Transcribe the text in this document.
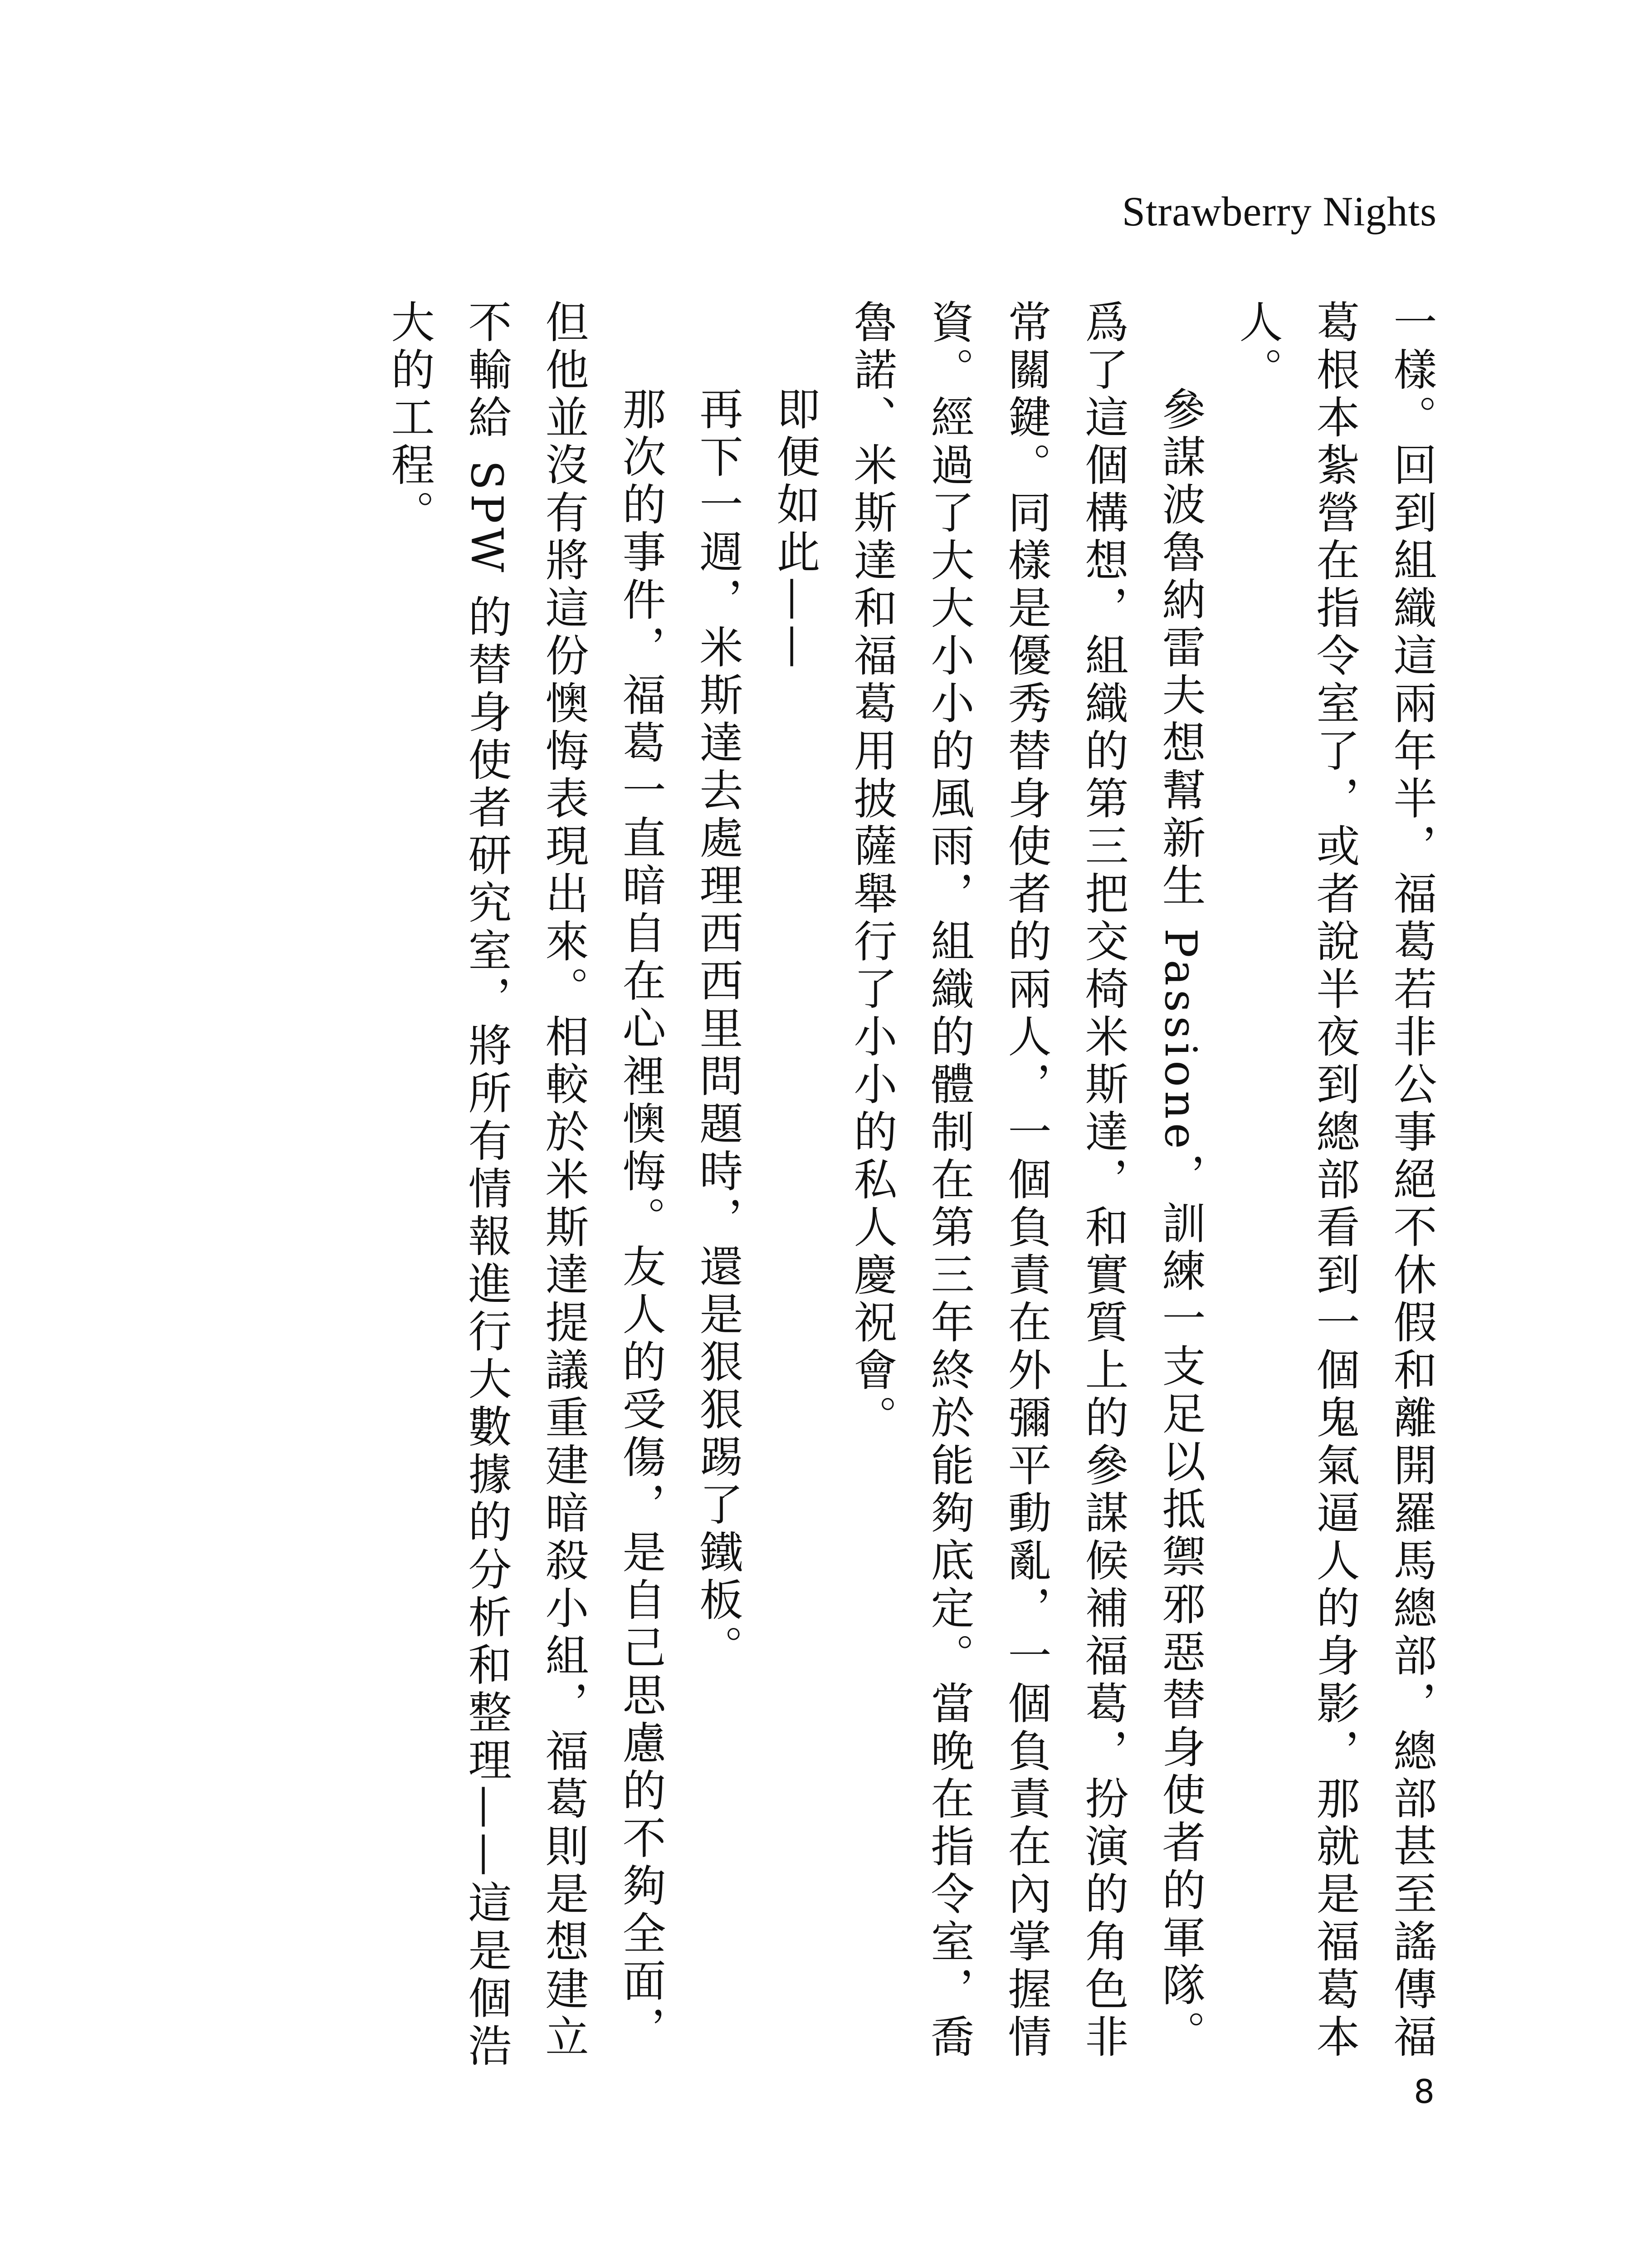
Strawberry Nights

一樣。回到組織這兩年半，福葛若非公事絕不休假和離開羅馬總部，總部甚至謠傳福葛根本紮營在指令室了，或者說半夜到總部看到一個鬼氣逼人的身影，那就是福葛本人。

參謀波魯納雷夫想幫新生 Passione，訓練一支足以抵禦邪惡替身使者的軍隊。爲了這個構想，組織的第三把交椅米斯達，和實質上的參謀候補福葛，扮演的角色非常關鍵。同樣是優秀替身使者的兩人，一個負責在外彌平動亂，一個負責在內掌握情資。經過了大大小小的風雨，組織的體制在第三年終於能夠底定。當晚在指令室，喬魯諾、米斯達和福葛用披薩舉行了小小的私人慶祝會。

即便如此——

再下一週，米斯達去處理西西里問題時，還是狠狠踢了鐵板。

那次的事件，福葛一直暗自在心裡懊悔。友人的受傷，是自己思慮的不夠全面，但他並沒有將這份懊悔表現出來。相較於米斯達提議重建暗殺小組，福葛則是想建立不輸給 SPW 的替身使者研究室，將所有情報進行大數據的分析和整理——這是個浩大的工程。

8
